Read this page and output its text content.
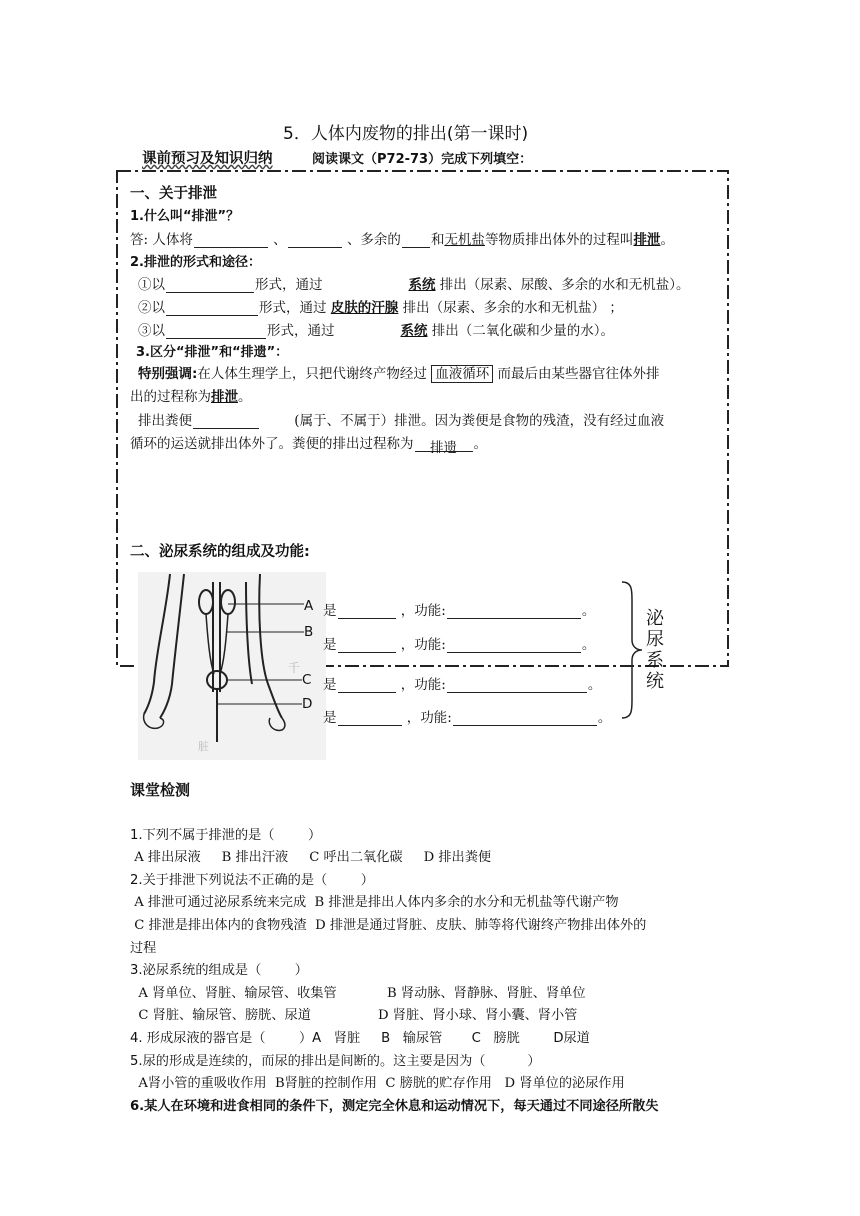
5．人体内废物的排出(第一课时)
课前预习及知识归纳	阅读课文（P72-73）完成下列填空：
一、关于排泄
1.什么叫“排泄”？
答: 人体将	、	、多余的 和无机盐等物质排出体外的过程叫排泄。
2.排泄的形式和途径：
①以	形式，通过	系统 排出（尿素、尿酸、多余的水和无机盐）。
②以	形式，通过 皮肤的汗腺 排出（尿素、多余的水和无机盐） ；
③以	形式，通过	系统 排出（二氧化碳和少量的水）。
3.区分“排泄”和“排遗”：
特别强调:在人体生理学上，只把代谢终产物经过 血液循环 而最后由某些器官往体外排
出的过程称为排泄。
排出粪便	(属于、不属于）排泄。因为粪便是食物的残渣，没有经过血液
循环的运送就排出体外了。粪便的排出过程称为 排遗 。
二、泌尿系统的组成及功能:
千
脏
A
B
C
D
是	，功能:	。
是	，功能:	。
是	，功能:	。
是	，功能:	。
泌
尿
系
统
课堂检测

1.下列不属于排泄的是（        ）
A 排出尿液     B 排出汗液     C 呼出二氧化碳     D 排出粪便
2.关于排泄下列说法不正确的是（        ）
A 排泄可通过泌尿系统来完成  B 排泄是排出人体内多余的水分和无机盐等代谢产物
C 排泄是排出体内的食物残渣  D 排泄是通过肾脏、皮肤、肺等将代谢终产物排出体外的
过程
3.泌尿系统的组成是（        ）
A 肾单位、肾脏、输尿管、收集管            B 肾动脉、肾静脉、肾脏、肾单位
C 肾脏、输尿管、膀胱、尿道                D 肾脏、肾小球、肾小囊、肾小管
4. 形成尿液的器官是（        ）A   肾脏     B   输尿管       C   膀胱        D尿道
5.尿的形成是连续的，而尿的排出是间断的。这主要是因为（          ）
A肾小管的重吸收作用  B肾脏的控制作用  C 膀胱的贮存作用   D 肾单位的泌尿作用
6.某人在环境和进食相同的条件下，测定完全休息和运动情况下，每天通过不同途径所散失
